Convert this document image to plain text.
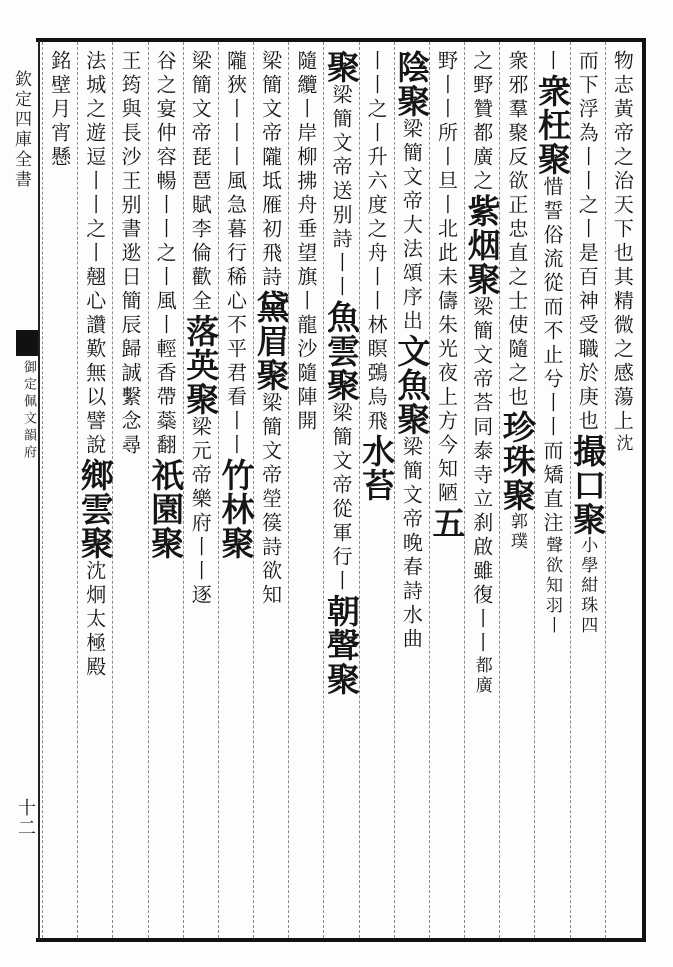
欽定四庫全書
御定佩文韻府
十二
物志黃帝之治天下也其精微之感蕩上沈
而下浮為丨丨之丨是百神受職於庚也撮口聚小學紺珠四
丨衆枉聚惜誓俗流從而不止兮丨丨而矯直注聲欲知羽丨
衆邪羣聚反欲正忠直之士使隨之也珍珠聚郭璞
之野贊都廣之紫烟聚梁簡文帝荅同泰寺立刹啟雖復丨丨都廣
野丨丨所丨旦丨北此未儔朱光夜上方今知陋五
陰聚梁簡文帝大法頌序出文魚聚梁簡文帝晚春詩水曲
丨丨之丨升六度之舟丨丨林瞑鵶烏飛水苔
聚梁簡文帝送别詩丨丨魚雲聚梁簡文帝從軍行丨朝聲聚
隨纜丨岸柳拂舟垂望旗丨龍沙隨陣開
梁簡文帝隴坻雁初飛詩黛眉聚梁簡文帝塋篌詩欲知
隴狹丨丨丨風急暮行稀心不平君看丨丨竹林聚
梁簡文帝琵琶賦李倫歡全落英聚梁元帝樂府丨丨逐
谷之宴仲容暢丨丨之丨風丨輕香帶蘂翻祇園聚
王筠與長沙王别書逖日簡辰歸誠繫念尋
法城之遊逗丨丨之丨翹心讚歎無以譬說鄉雲聚沈炯太極殿
銘壁月宵懸
